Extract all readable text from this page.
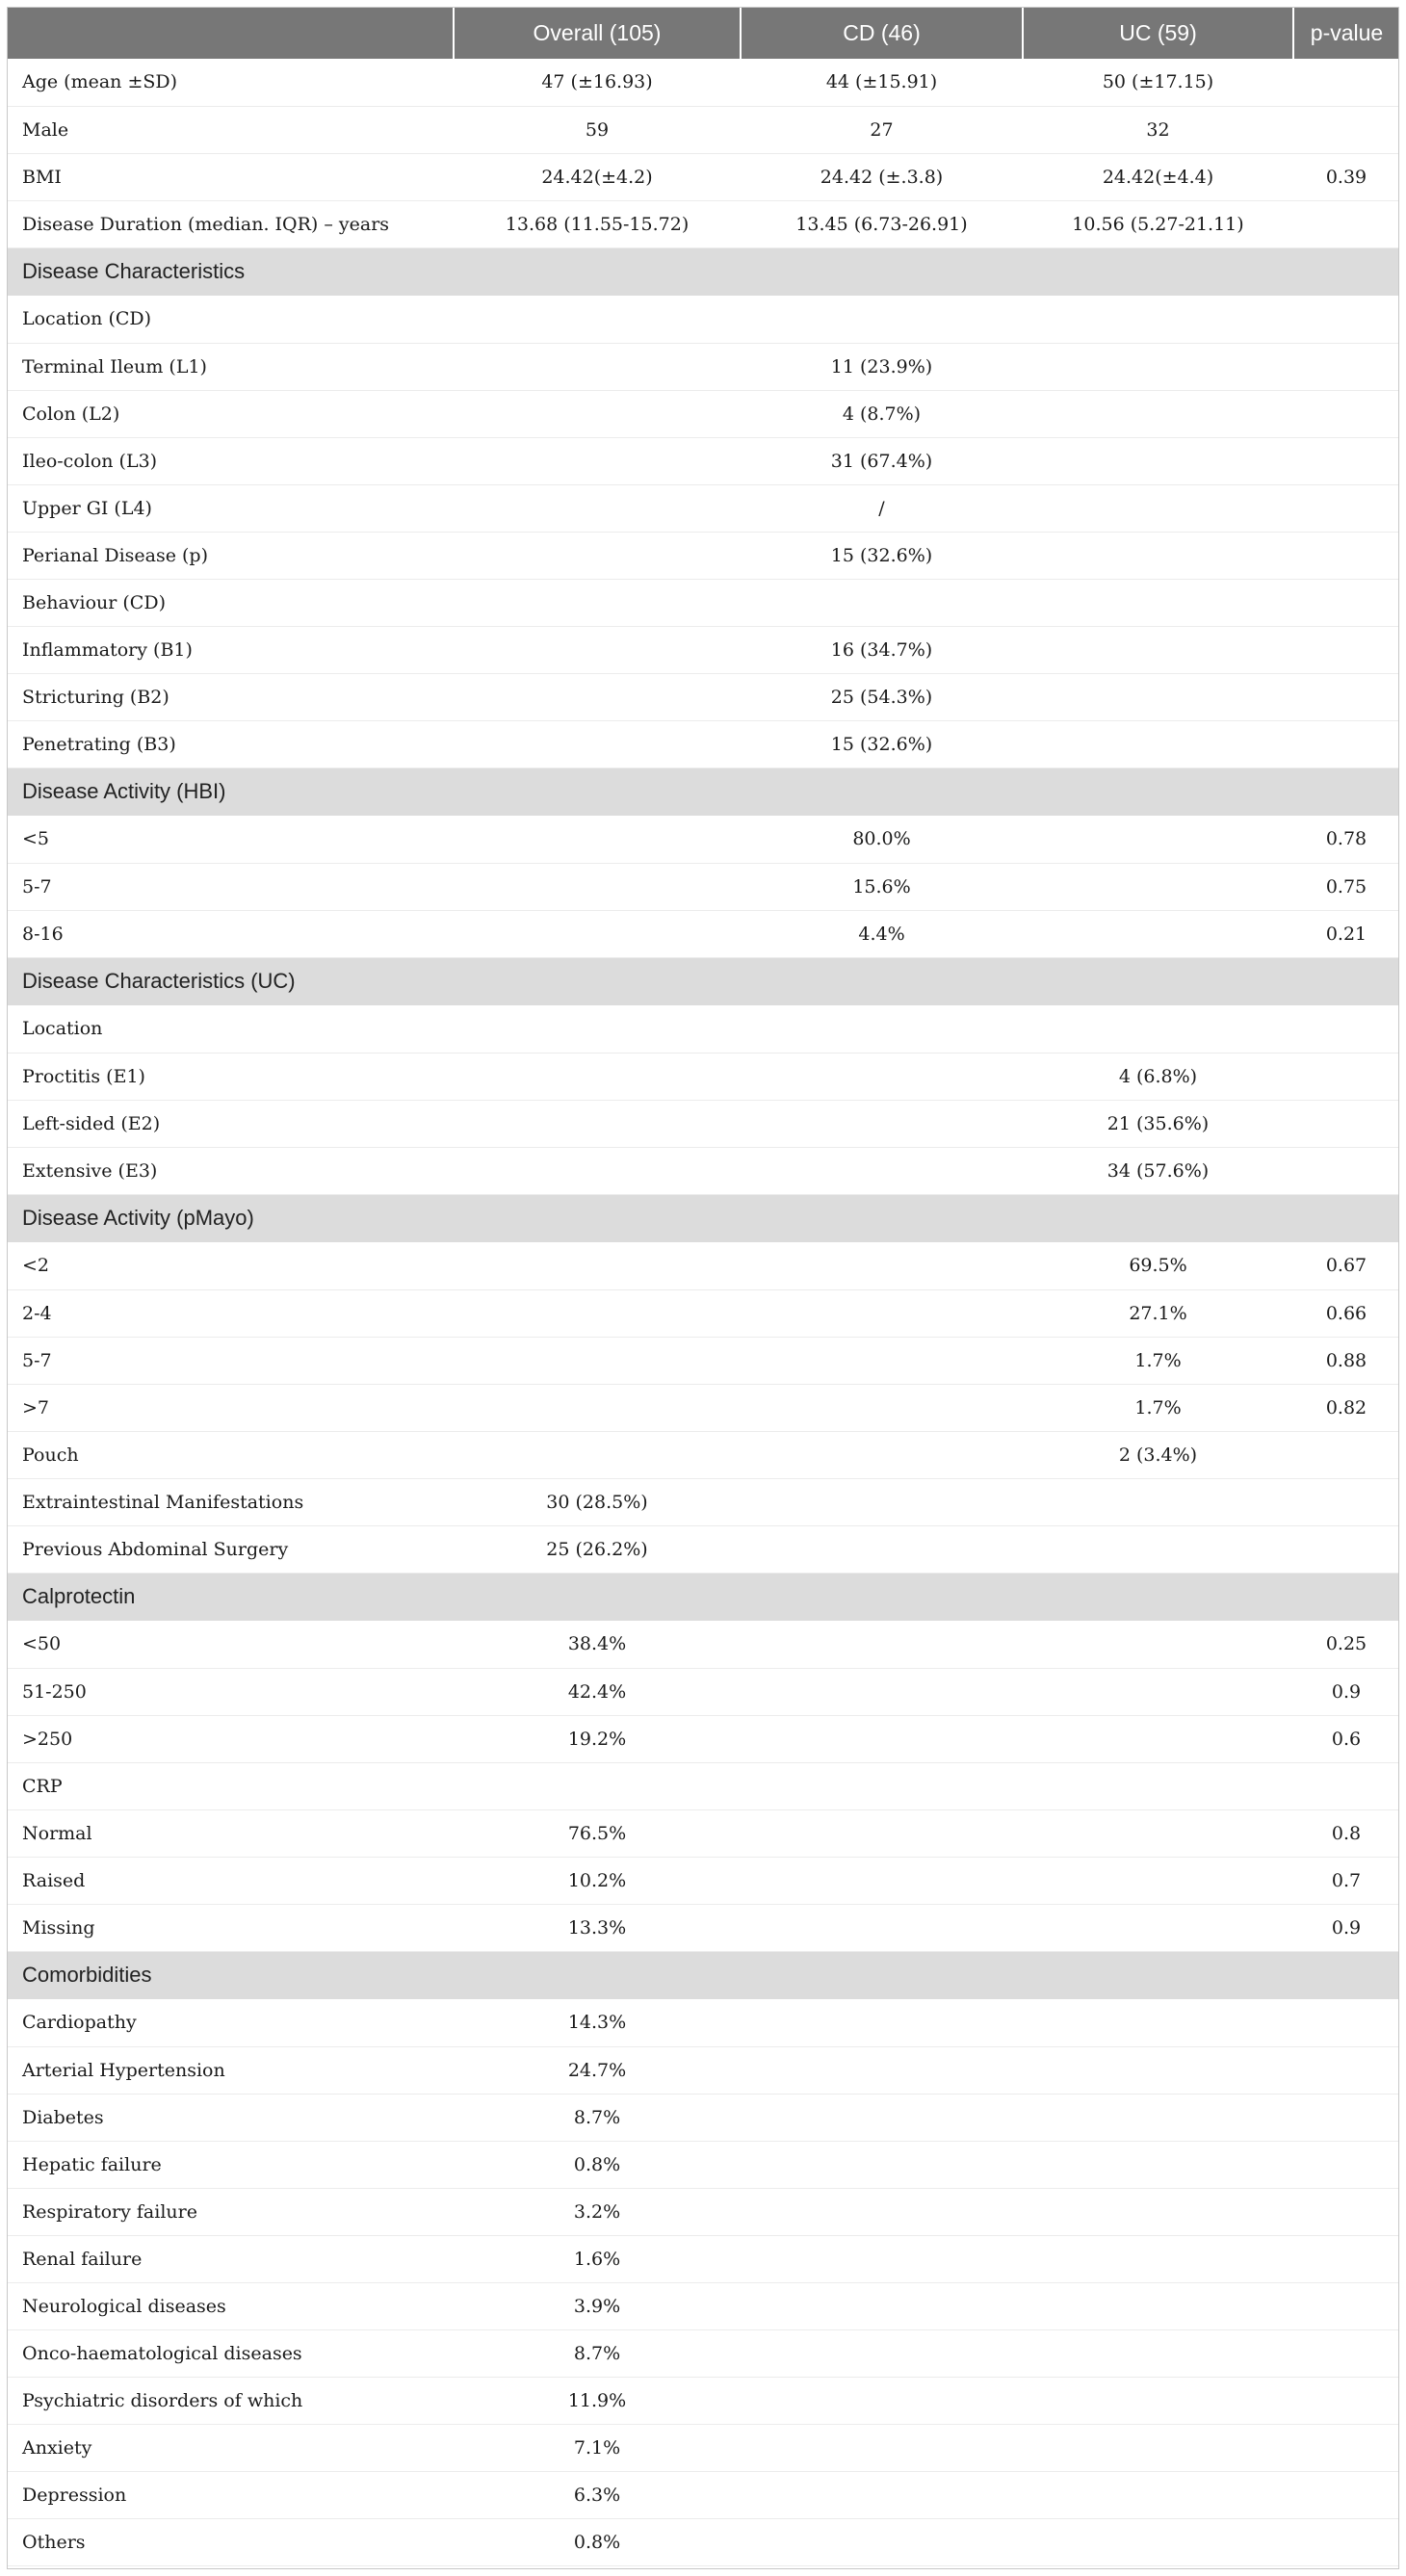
	Overall (105)	CD (46)	UC (59)	p-value
Age (mean ±SD)	47 (±16.93)	44 (±15.91)	50 (±17.15)	
Male	59	27	32	
BMI	24.42(±4.2)	24.42 (±.3.8)	24.42(±4.4)	0.39
Disease Duration (median. IQR) – years	13.68 (11.55-15.72)	13.45 (6.73-26.91)	10.56 (5.27-21.11)	
Disease Characteristics				
Location (CD)				
Terminal Ileum (L1)		11 (23.9%)		
Colon (L2)		4 (8.7%)		
Ileo-colon (L3)		31 (67.4%)		
Upper GI (L4)		/		
Perianal Disease (p)		15 (32.6%)		
Behaviour (CD)				
Inflammatory (B1)		16 (34.7%)		
Stricturing (B2)		25 (54.3%)		
Penetrating (B3)		15 (32.6%)		
Disease Activity (HBI)				
<5		80.0%		0.78
5-7		15.6%		0.75
8-16		4.4%		0.21
Disease Characteristics (UC)				
Location				
Proctitis (E1)			4 (6.8%)	
Left-sided (E2)			21 (35.6%)	
Extensive (E3)			34 (57.6%)	
Disease Activity (pMayo)				
<2			69.5%	0.67
2-4			27.1%	0.66
5-7			1.7%	0.88
>7			1.7%	0.82
Pouch			2 (3.4%)	
Extraintestinal Manifestations	30 (28.5%)			
Previous Abdominal Surgery	25 (26.2%)			
Calprotectin				
<50	38.4%			0.25
51-250	42.4%			0.9
>250	19.2%			0.6
CRP				
Normal	76.5%			0.8
Raised	10.2%			0.7
Missing	13.3%			0.9
Comorbidities				
Cardiopathy	14.3%			
Arterial Hypertension	24.7%			
Diabetes	8.7%			
Hepatic failure	0.8%			
Respiratory failure	3.2%			
Renal failure	1.6%			
Neurological diseases	3.9%			
Onco-haematological diseases	8.7%			
Psychiatric disorders of which	11.9%			
Anxiety	7.1%			
Depression	6.3%			
Others	0.8%			
